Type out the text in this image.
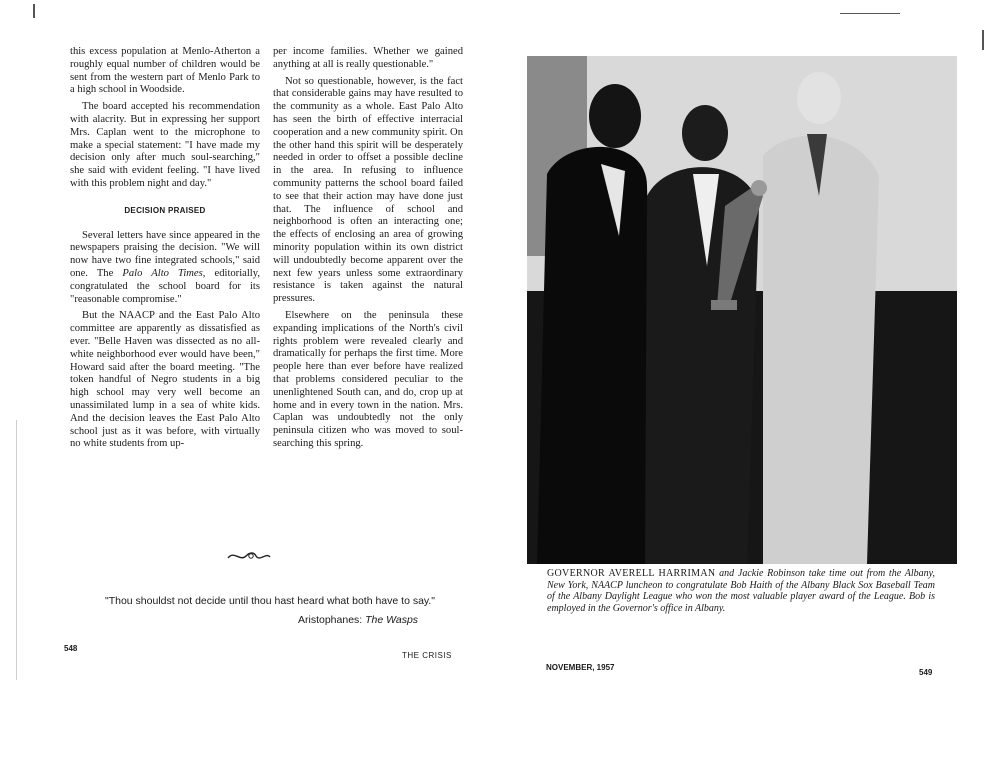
this excess population at Menlo-Atherton a roughly equal number of children would be sent from the western part of Menlo Park to a high school in Woodside.

The board accepted his recommendation with alacrity. But in expressing her support Mrs. Caplan went to the microphone to make a special statement: "I have made my decision only after much soul-searching," she said with evident feeling. "I have lived with this problem night and day."

DECISION PRAISED

Several letters have since appeared in the newspapers praising the decision. "We will now have two fine integrated schools," said one. The Palo Alto Times, editorially, congratulated the school board for its "reasonable compromise."

But the NAACP and the East Palo Alto committee are apparently as dissatisfied as ever. "Belle Haven was dissected as no all-white neighborhood ever would have been," Howard said after the board meeting. "The token handful of Negro students in a big high school may very well become an unassimilated lump in a sea of white kids. And the decision leaves the East Palo Alto school just as it was before, with virtually no white students from up-

per income families. Whether we gained anything at all is really questionable."

Not so questionable, however, is the fact that considerable gains may have resulted to the community as a whole. East Palo Alto has seen the birth of effective interracial cooperation and a new community spirit. On the other hand this spirit will be desperately needed in order to offset a possible decline in the area. In refusing to influence community patterns the school board failed to see that their action may have done just that. The influence of school and neighborhood is often an interacting one; the effects of enclosing an area of growing minority population within its own district will undoubtedly become apparent over the next few years unless some extraordinary resistance is taken against the natural pressures.

Elsewhere on the peninsula these expanding implications of the North's civil rights problem were revealed clearly and dramatically for perhaps the first time. More people here than ever before have realized that problems considered peculiar to the unenlightened South can, and do, crop up at home and in every town in the nation. Mrs. Caplan was undoubtedly not the only peninsula citizen who was moved to soul-searching this spring.

"Thou shouldst not decide until thou hast heard what both have to say."
Aristophanes: The Wasps
548
THE CRISIS
GOVERNOR AVERELL HARRIMAN and Jackie Robinson take time out from the Albany, New York, NAACP luncheon to congratulate Bob Haith of the Albany Black Sox Baseball Team of the Albany Daylight League who won the most valuable player award of the League. Bob is employed in the Governor's office in Albany.
NOVEMBER, 1957
549
